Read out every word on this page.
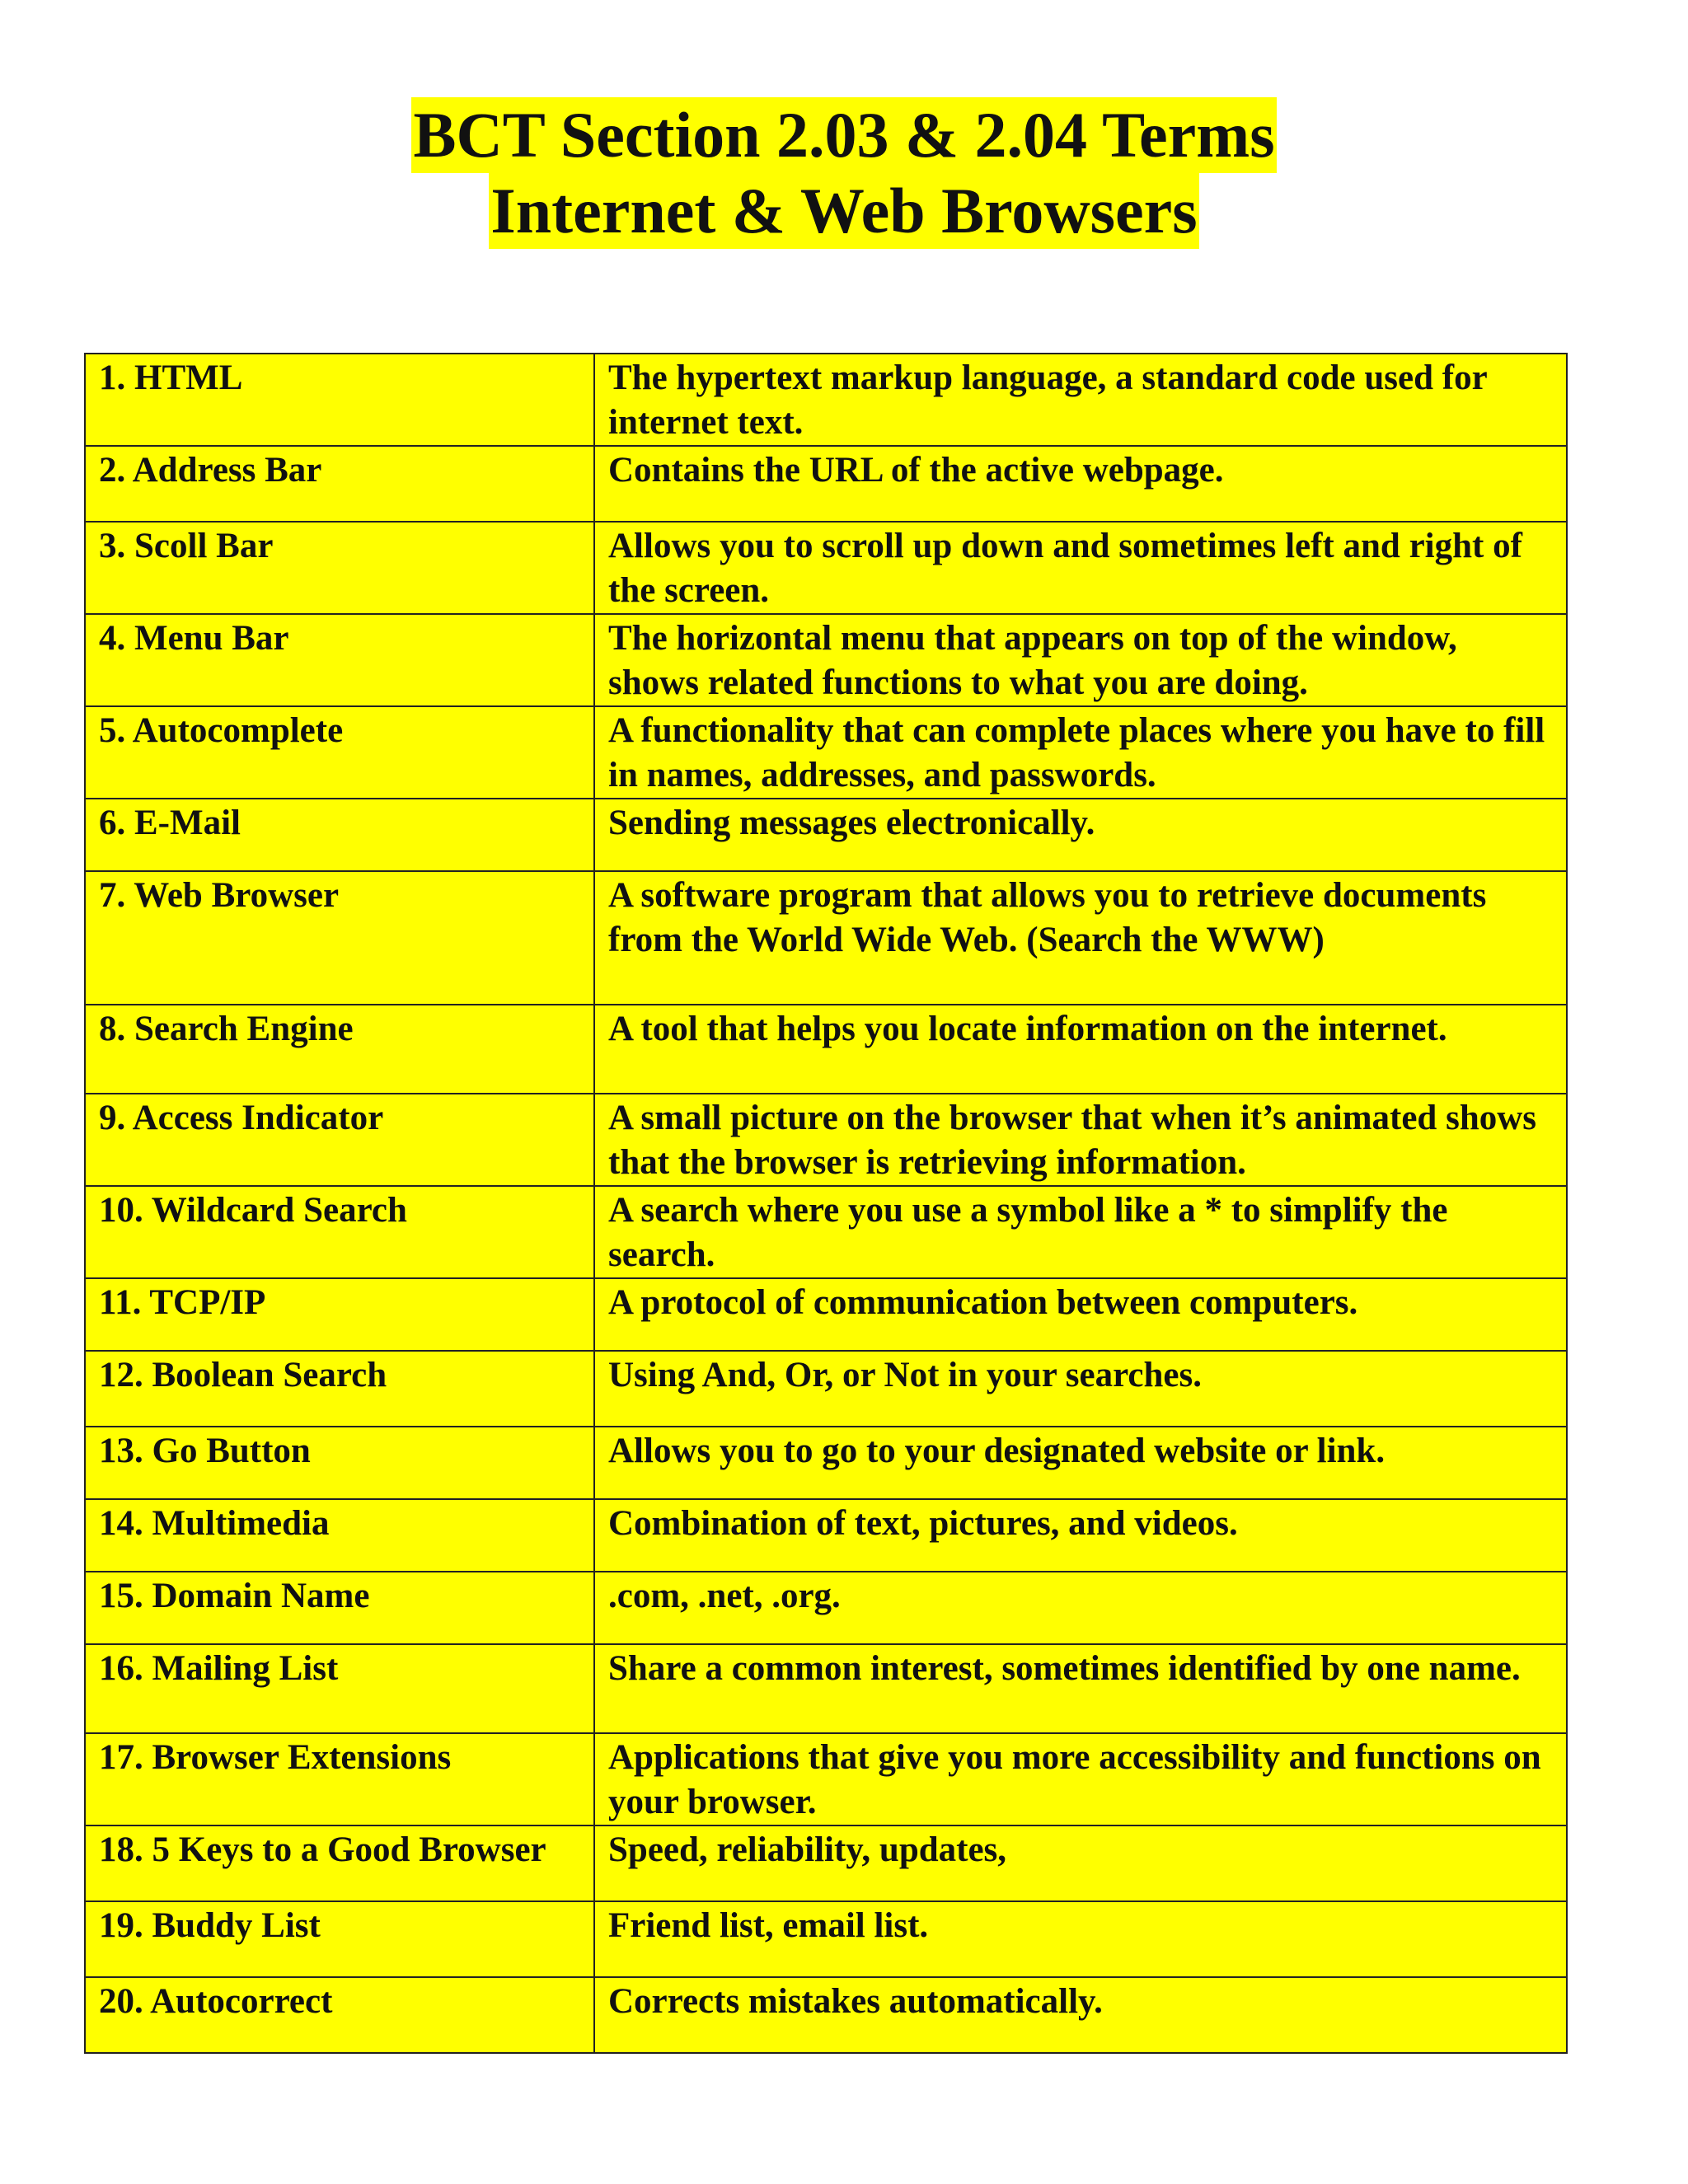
BCT Section 2.03 & 2.04 Terms
Internet & Web Browsers
1. HTML	The hypertext markup language, a standard code used for internet text.
2. Address Bar	Contains the URL of the active webpage.
3. Scoll Bar	Allows you to scroll up down and sometimes left and right of the screen.
4. Menu Bar	The horizontal menu that appears on top of the window, shows related functions to what you are doing.
5. Autocomplete	A functionality that can complete places where you have to fill in names, addresses, and passwords.
6. E-Mail	Sending messages electronically.
7. Web Browser	A software program that allows you to retrieve documents from the World Wide Web. (Search the WWW)
8. Search Engine	A tool that helps you locate information on the internet.
9. Access Indicator	A small picture on the browser that when it’s animated shows that the browser is retrieving information.
10. Wildcard Search	A search where you use a symbol like a * to simplify the search.
11. TCP/IP	A protocol of communication between computers.
12. Boolean Search	Using And, Or, or Not in your searches.
13. Go Button	Allows you to go to your designated website or link.
14. Multimedia	Combination of text, pictures, and videos.
15. Domain Name	.com, .net, .org.
16. Mailing List	Share a common interest, sometimes identified by one name.
17. Browser Extensions	Applications that give you more accessibility and functions on your browser.
18. 5 Keys to a Good Browser	Speed, reliability, updates,
19. Buddy List	Friend list, email list.
20. Autocorrect	Corrects mistakes automatically.
